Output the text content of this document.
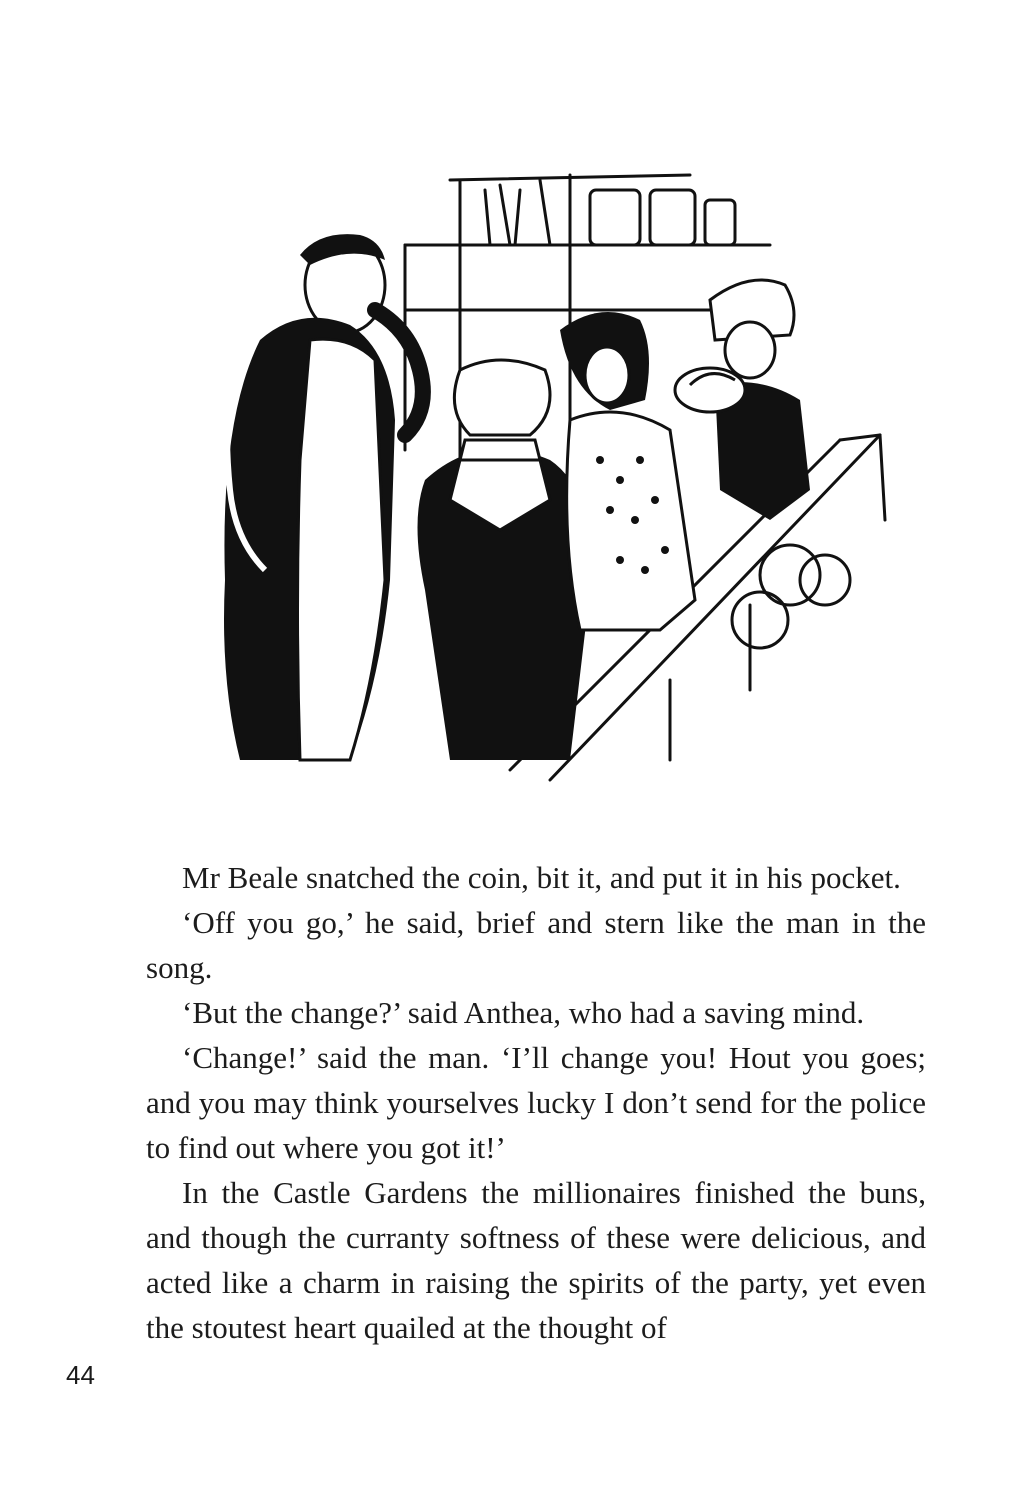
Mr Beale snatched the coin, bit it, and put it in his pocket.

‘Off you go,’ he said, brief and stern like the man in the song.

‘But the change?’ said Anthea, who had a saving mind.

‘Change!’ said the man. ‘I’ll change you! Hout you goes; and you may think yourselves lucky I don’t send for the police to find out where you got it!’

In the Castle Gardens the millionaires finished the buns, and though the curranty softness of these were delicious, and acted like a charm in raising the spirits of the party, yet even the stoutest heart quailed at the thought of

44
